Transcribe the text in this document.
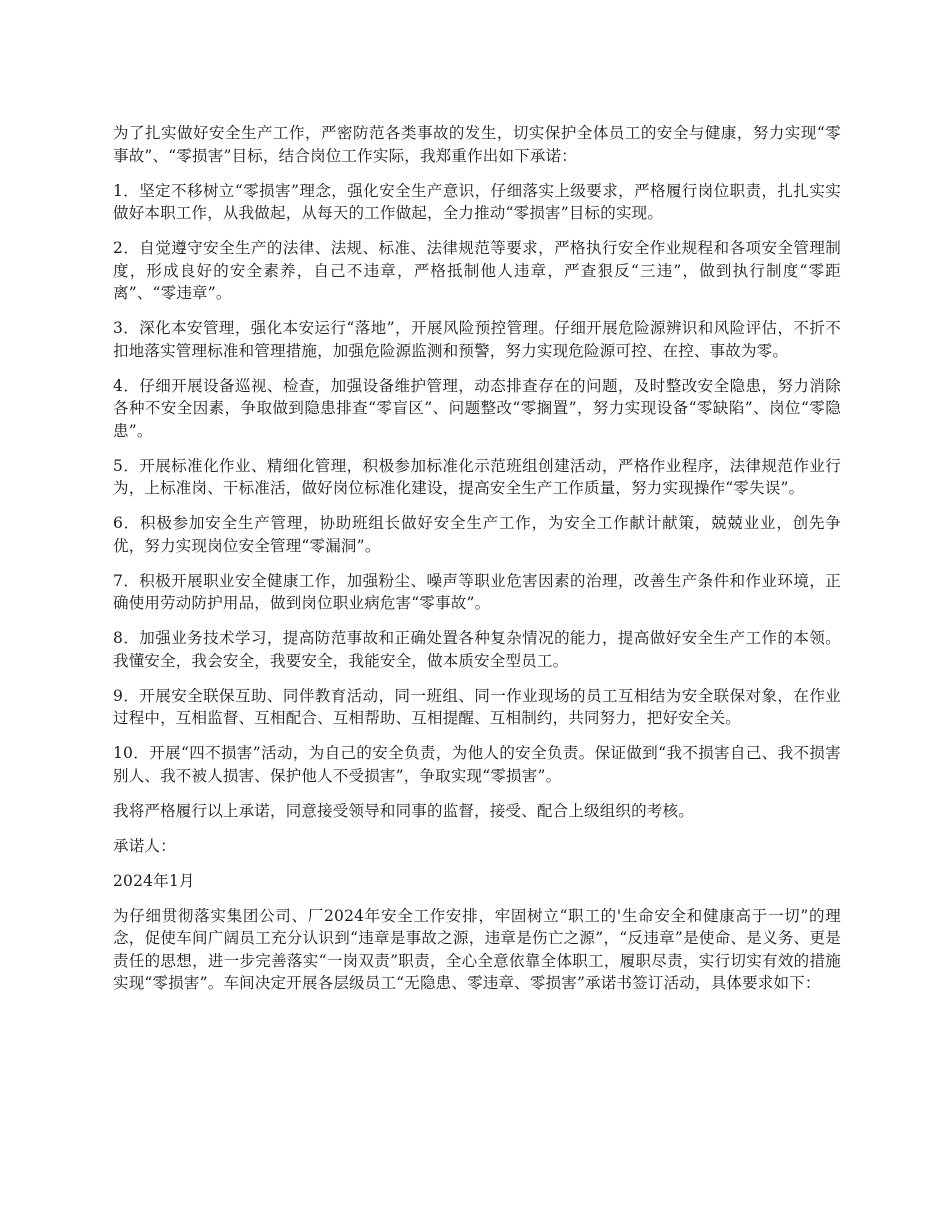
为了扎实做好安全生产工作，严密防范各类事故的发生，切实保护全体员工的安全与健康，努力实现“零事故”、“零损害”目标，结合岗位工作实际，我郑重作出如下承诺：

1．坚定不移树立“零损害”理念，强化安全生产意识，仔细落实上级要求，严格履行岗位职责，扎扎实实做好本职工作，从我做起，从每天的工作做起，全力推动“零损害”目标的实现。

2．自觉遵守安全生产的法律、法规、标准、法律规范等要求，严格执行安全作业规程和各项安全管理制度，形成良好的安全素养，自己不违章，严格抵制他人违章，严查狠反“三违”，做到执行制度“零距离”、“零违章”。

3．深化本安管理，强化本安运行“落地”，开展风险预控管理。仔细开展危险源辨识和风险评估，不折不扣地落实管理标准和管理措施，加强危险源监测和预警，努力实现危险源可控、在控、事故为零。

4．仔细开展设备巡视、检查，加强设备维护管理，动态排查存在的问题，及时整改安全隐患，努力消除各种不安全因素，争取做到隐患排查“零盲区”、问题整改“零搁置”，努力实现设备“零缺陷”、岗位“零隐患”。

5．开展标准化作业、精细化管理，积极参加标准化示范班组创建活动，严格作业程序，法律规范作业行为，上标准岗、干标准活，做好岗位标准化建设，提高安全生产工作质量，努力实现操作“零失误”。

6．积极参加安全生产管理，协助班组长做好安全生产工作，为安全工作献计献策，兢兢业业，创先争优，努力实现岗位安全管理“零漏洞”。

7．积极开展职业安全健康工作，加强粉尘、噪声等职业危害因素的治理，改善生产条件和作业环境，正确使用劳动防护用品，做到岗位职业病危害“零事故”。

8．加强业务技术学习，提高防范事故和正确处置各种复杂情况的能力，提高做好安全生产工作的本领。我懂安全，我会安全，我要安全，我能安全，做本质安全型员工。

9．开展安全联保互助、同伴教育活动，同一班组、同一作业现场的员工互相结为安全联保对象，在作业过程中，互相监督、互相配合、互相帮助、互相提醒、互相制约，共同努力，把好安全关。

10．开展“四不损害”活动，为自己的安全负责，为他人的安全负责。保证做到“我不损害自己、我不损害别人、我不被人损害、保护他人不受损害”，争取实现“零损害”。

我将严格履行以上承诺，同意接受领导和同事的监督，接受、配合上级组织的考核。

承诺人：

2024年1月

为仔细贯彻落实集团公司、厂2024年安全工作安排，牢固树立“职工的'生命安全和健康高于一切”的理念，促使车间广阔员工充分认识到“违章是事故之源，违章是伤亡之源”，“反违章”是使命、是义务、更是责任的思想，进一步完善落实“一岗双责”职责，全心全意依靠全体职工，履职尽责，实行切实有效的措施实现“零损害”。车间决定开展各层级员工“无隐患、零违章、零损害”承诺书签订活动，具体要求如下：
